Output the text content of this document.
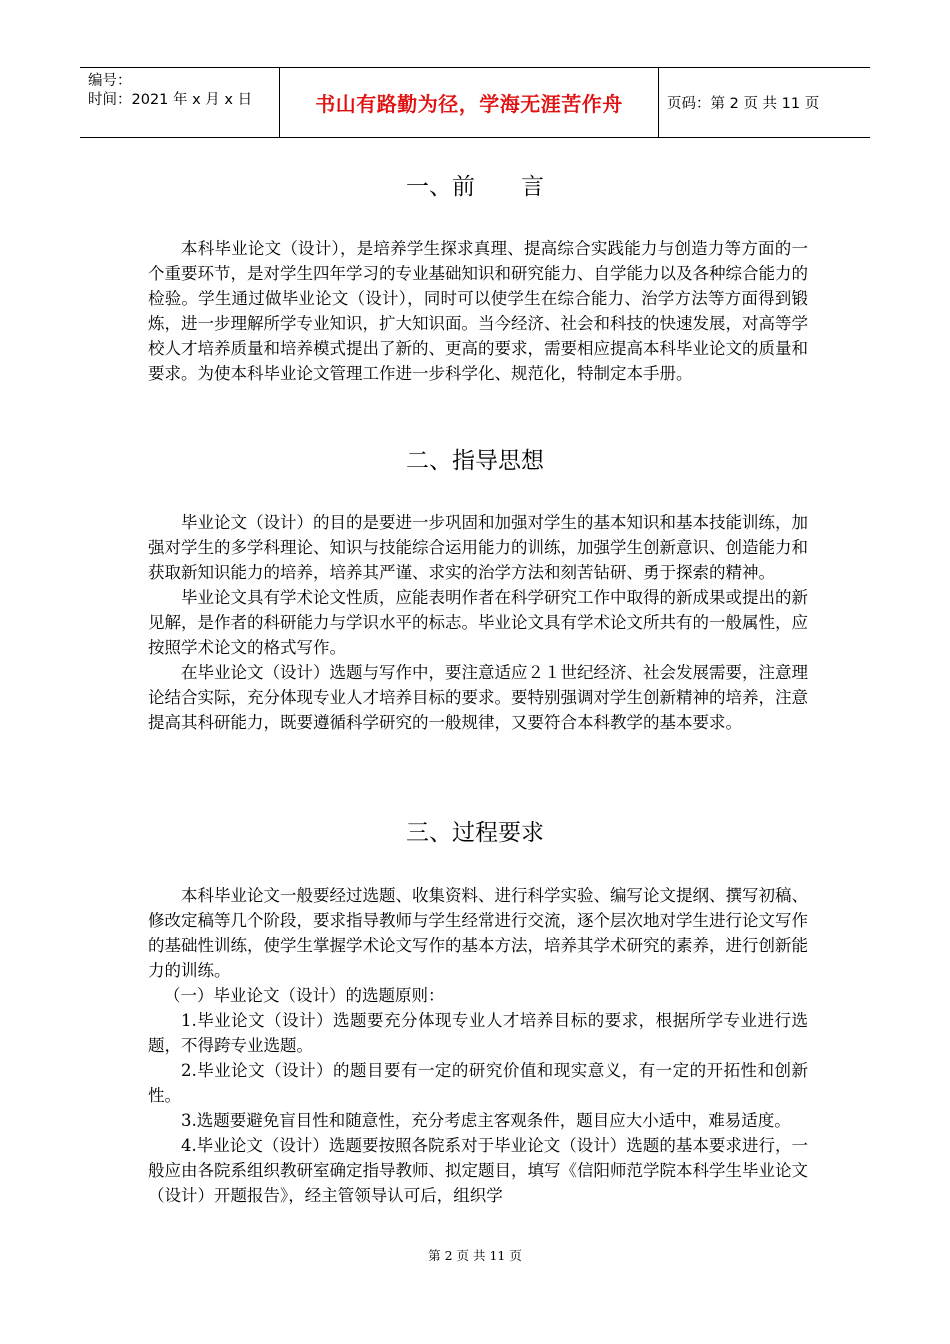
编号：
时间：2021 年 x 月 x 日	书山有路勤为径，学海无涯苦作舟	页码：第 2 页 共 11 页
一、前 言

本科毕业论文（设计），是培养学生探求真理、提高综合实践能力与创造力等方面的一个重要环节，是对学生四年学习的专业基础知识和研究能力、自学能力以及各种综合能力的检验。学生通过做毕业论文（设计），同时可以使学生在综合能力、治学方法等方面得到锻炼，进一步理解所学专业知识，扩大知识面。当今经济、社会和科技的快速发展，对高等学校人才培养质量和培养模式提出了新的、更高的要求，需要相应提高本科毕业论文的质量和要求。为使本科毕业论文管理工作进一步科学化、规范化，特制定本手册。

二、指导思想

毕业论文（设计）的目的是要进一步巩固和加强对学生的基本知识和基本技能训练，加强对学生的多学科理论、知识与技能综合运用能力的训练，加强学生创新意识、创造能力和获取新知识能力的培养，培养其严谨、求实的治学方法和刻苦钻研、勇于探索的精神。

毕业论文具有学术论文性质，应能表明作者在科学研究工作中取得的新成果或提出的新见解，是作者的科研能力与学识水平的标志。毕业论文具有学术论文所共有的一般属性，应按照学术论文的格式写作。

在毕业论文（设计）选题与写作中，要注意适应２１世纪经济、社会发展需要，注意理论结合实际，充分体现专业人才培养目标的要求。要特别强调对学生创新精神的培养，注意提高其科研能力，既要遵循科学研究的一般规律，又要符合本科教学的基本要求。

三、过程要求

本科毕业论文一般要经过选题、收集资料、进行科学实验、编写论文提纲、撰写初稿、修改定稿等几个阶段，要求指导教师与学生经常进行交流，逐个层次地对学生进行论文写作的基础性训练，使学生掌握学术论文写作的基本方法，培养其学术研究的素养，进行创新能力的训练。

（一）毕业论文（设计）的选题原则：

1.毕业论文（设计）选题要充分体现专业人才培养目标的要求，根据所学专业进行选题，不得跨专业选题。

2.毕业论文（设计）的题目要有一定的研究价值和现实意义，有一定的开拓性和创新性。

3.选题要避免盲目性和随意性，充分考虑主客观条件，题目应大小适中，难易适度。

4.毕业论文（设计）选题要按照各院系对于毕业论文（设计）选题的基本要求进行，一般应由各院系组织教研室确定指导教师、拟定题目，填写《信阳师范学院本科学生毕业论文（设计）开题报告》，经主管领导认可后，组织学

第 2 页 共 11 页
